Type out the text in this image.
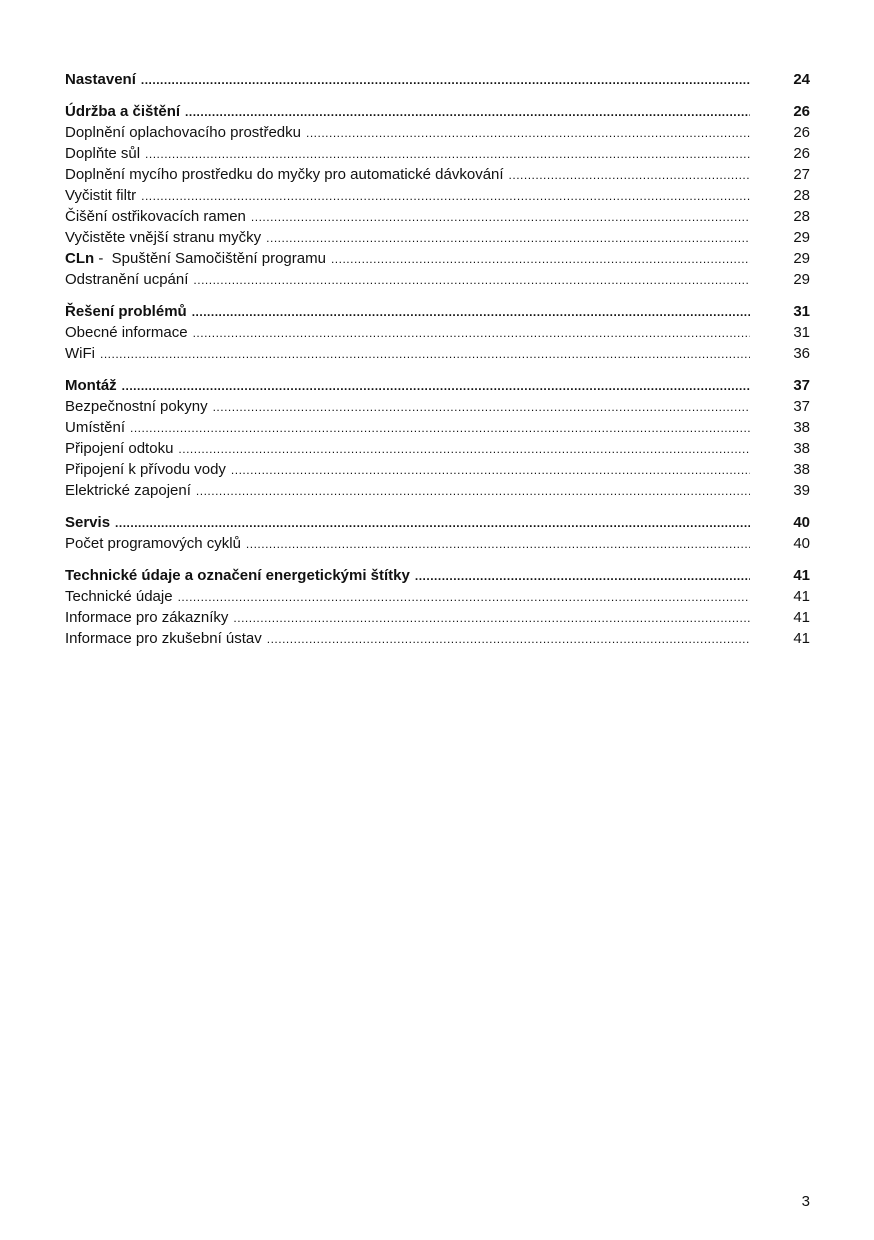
Nastavení .....	24
Údržba a čištění .....	26
Doplnění oplachovacího prostředku .....	26
Doplňte sůl .....	26
Doplnění mycího prostředku do myčky pro automatické dávkování .....	27
Vyčistit filtr .....	28
Čišění ostřikovacích ramen .....	28
Vyčistěte vnější stranu myčky .....	29
CLn -  Spuštění Samočištění programu .....	29
Odstranění ucpání .....	29
Řešení problémů .....	31
Obecné informace .....	31
WiFi .....	36
Montáž .....	37
Bezpečnostní pokyny .....	37
Umístění .....	38
Připojení odtoku .....	38
Připojení k přívodu vody .....	38
Elektrické zapojení .....	39
Servis .....	40
Počet programových cyklů .....	40
Technické údaje a označení energetickými štítky .....	41
Technické údaje .....	41
Informace pro zákazníky .....	41
Informace pro zkušební ústav .....	41
3
